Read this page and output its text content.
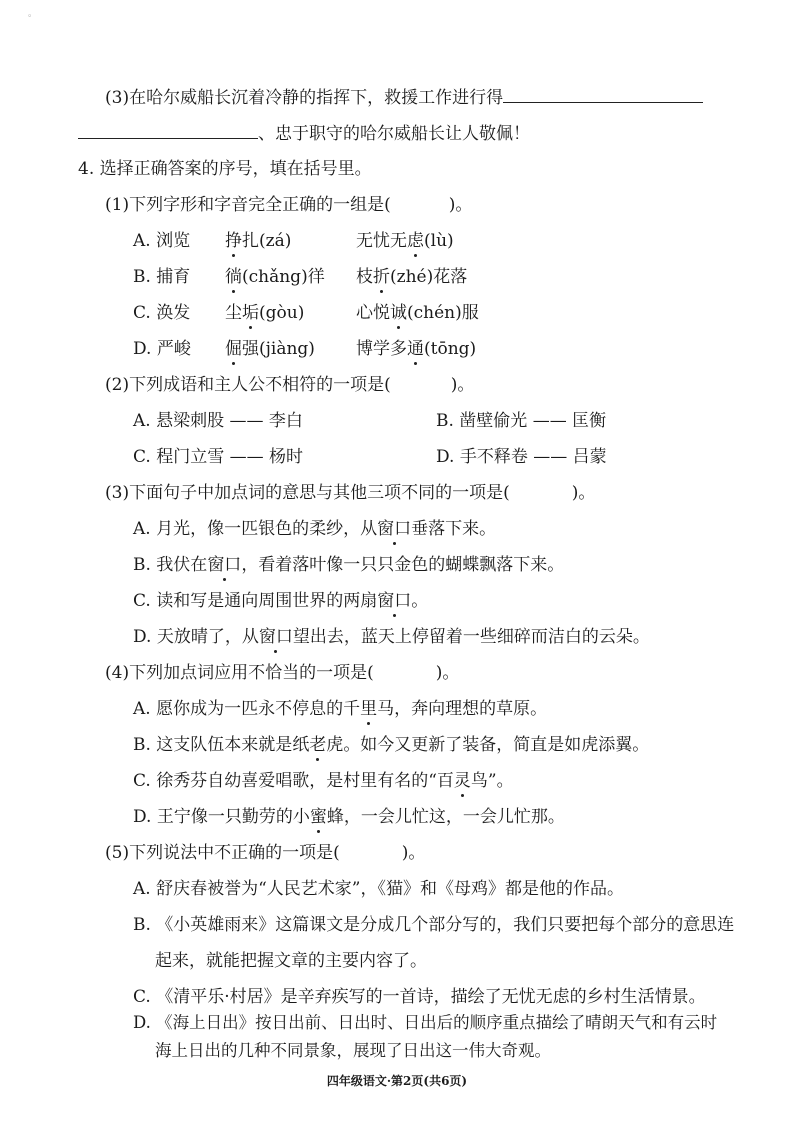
。
(3)在哈尔威船长沉着冷静的指挥下，救援工作进行得
、忠于职守的哈尔威船长让人敬佩！
4. 选择正确答案的序号，填在括号里。
(1)下列字形和字音完全正确的一组是(	)。
A. 浏览 挣扎(zá)	无忧无虑(lù)
B. 捕育 徜(chǎng)徉 枝折(zhé)花落
C. 涣发 尘垢(gòu)	心悦诚(chén)服
D. 严峻 倔强(jiàng) 博学多通(tōng)
(2)下列成语和主人公不相符的一项是(	)。
A. 悬梁刺股 —— 李白	B. 凿壁偷光 —— 匡衡
C. 程门立雪 —— 杨时	D. 手不释卷 —— 吕蒙
(3)下面句子中加点词的意思与其他三项不同的一项是(	)。
A. 月光，像一匹银色的柔纱，从窗口垂落下来。
B. 我伏在窗口，看着落叶像一只只金色的蝴蝶飘落下来。
C. 读和写是通向周围世界的两扇窗口。
D. 天放晴了，从窗口望出去，蓝天上停留着一些细碎而洁白的云朵。
(4)下列加点词应用不恰当的一项是(	)。
A. 愿你成为一匹永不停息的千里马，奔向理想的草原。
B. 这支队伍本来就是纸老虎。如今又更新了装备，简直是如虎添翼。
C. 徐秀芬自幼喜爱唱歌，是村里有名的“百灵鸟”。
D. 王宁像一只勤劳的小蜜蜂，一会儿忙这，一会儿忙那。
(5)下列说法中不正确的一项是(	)。
A. 舒庆春被誉为“人民艺术家”，《猫》和《母鸡》都是他的作品。
B. 《小英雄雨来》这篇课文是分成几个部分写的，我们只要把每个部分的意思连
起来，就能把握文章的主要内容了。
C. 《清平乐·村居》是辛弃疾写的一首诗，描绘了无忧无虑的乡村生活情景。
D. 《海上日出》按日出前、日出时、日出后的顺序重点描绘了晴朗天气和有云时
四年级语文·第2页(共6页)
海上日出的几种不同景象，展现了日出这一伟大奇观。
